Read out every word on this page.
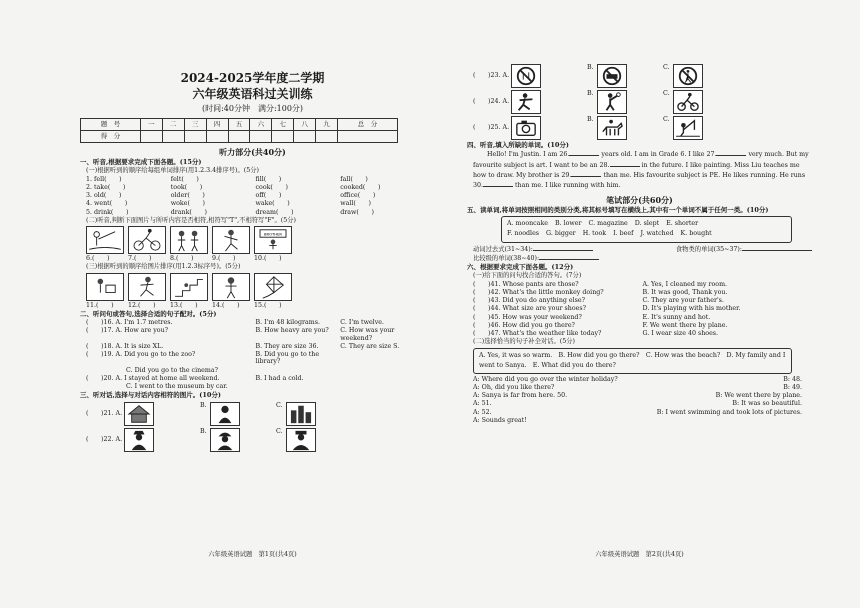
2024-2025学年度二学期
六年级英语科过关训练
(时间:40分钟　满分:100分)
题　号	一	二	三	四	五	六	七	八	九	总　分
得　分										
听力部分(共40分)
一、听音,根据要求完成下面各题。(15分)
(一)根据听到的顺序给每组单词排序(用1.2.3.4排序号)。(5分)
1. fell(　　)	felt(　　)	fill(　　)	fall(　　)
2. take(　　)	took(　　)	cook(　　)	cooked(　　)
3. old(　　)	older(　　)	off(　　)	office(　　)
4. went(　　)	woke(　　)	wake(　　)	wall(　　)
5. drink(　　)	drank(　　)	dream(　　)	draw(　　)
(二)听音,判断下面图片与所听内容是否相符,相符写"T",不相符写"F"。(5分)
BROTHER
6.(　　)	7.(　　)	8.(　　)	9.(　　)	10.(　　)
(三)根据听到的顺序给图片排序(用1.2.3标序号)。(5分)
11.(　　)	12.(　　)	13.(　　)	14.(　　)	15.(　　)
二、听问句或答句,选择合适的句子配对。(5分)
(　　)16. A. I'm 1.7 metres.	B. I'm 48 kilograms.	C. I'm twelve.
(　　)17. A. How are you?	B. How heavy are you?	C. How was your weekend?
(　　)18. A. It is size XL.	B. They are size 36.	C. They are size S.
(　　)19. A. Did you go to the zoo?	B. Did you go to the library?
C. Did you go to the cinema?
(　　)20. A. I stayed at home all weekend.	B. I had a cold.
C. I went to the museum by car.
三、听对话,选择与对话内容相符的图片。(10分)
(　　)21. A.
B.	C.
(　　)22. A.
B.	C.
六年级英语试题　第1页(共4页)
(　　)23. A.
B.	C.
(　　)24. A.
B.	C.
(　　)25. A.
B.	C.
四、听音,填入所缺的单词。(10分)
Hello! I'm Justin. I am 26.	years old. I am in Grade 6. I like 27.	very much. But my favourite subject is art. I want to be an 28.	in the future. I like painting. Miss Liu teaches me how to draw. My brother is 29.	than me. His favourite subject is PE. He likes running. He runs 30.	than me. I like running with him.
笔试部分(共60分)
五、读单词,将单词按照相同的类别分类,将其标号填写在横线上,其中有一个单词不属于任何一类。(10分)
A. mooncake B. lower C. magazine D. slept E. shorter
F. noodles G. bigger H. took I. beef J. watched K. bought
动词过去式(31~34):	食物类的单词(35~37):
比较级的单词(38~40):
六、根据要求完成下面各题。(12分)
(一)给下面的问句找合适的答句。(7分)
(　　)41. Whose pants are those?	A. Yes, I cleaned my room.
(　　)42. What's the little monkey doing?	B. It was good, Thank you.
(　　)43. Did you do anything else?	C. They are your father's.
(　　)44. What size are your shoes?	D. It's playing with his mother.
(　　)45. How was your weekend?	E. It's sunny and hot.
(　　)46. How did you go there?	F. We went there by plane.
(　　)47. What's the weather like today?	G. I wear size 40 shoes.
(二)选择恰当的句子补全对话。(5分)
A. Yes, it was so warm.　B. How did you go there?　C. How was the beach?　D. My family and I went to Sanya.　E. What did you do there?
A: Where did you go over the winter holiday?	B: 48.
A: Oh, did you like there?	B: 49.
A: Sanya is far from here. 50.	B: We went there by plane.
A: 51.	B: It was so beautiful.
A: 52.	B: I went swimming and took lots of pictures.
A: Sounds great!
六年级英语试题　第2页(共4页)
